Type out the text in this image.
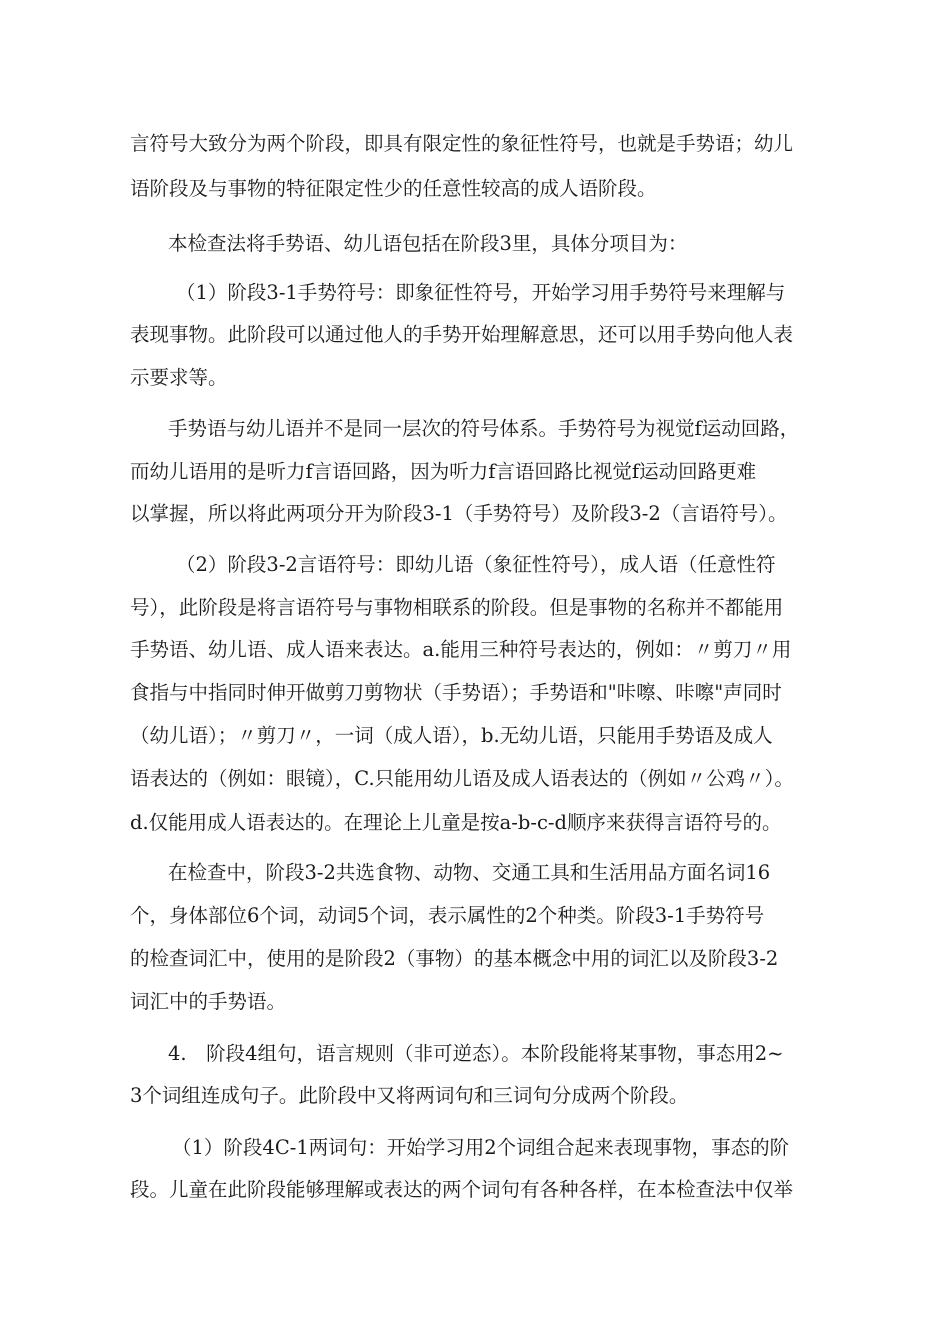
言符号大致分为两个阶段，即具有限定性的象征性符号，也就是手势语；幼儿
语阶段及与事物的特征限定性少的任意性较高的成人语阶段。
本检查法将手势语、幼儿语包括在阶段3里，具体分项目为：
（1）阶段3-1手势符号：即象征性符号，开始学习用手势符号来理解与
表现事物。此阶段可以通过他人的手势开始理解意思，还可以用手势向他人表
示要求等。
手势语与幼儿语并不是同一层次的符号体系。手势符号为视觉f运动回路，
而幼儿语用的是听力f言语回路，因为听力f言语回路比视觉f运动回路更难
以掌握，所以将此两项分开为阶段3-1（手势符号）及阶段3-2（言语符号）。
（2）阶段3-2言语符号：即幼儿语（象征性符号），成人语（任意性符
号），此阶段是将言语符号与事物相联系的阶段。但是事物的名称并不都能用
手势语、幼儿语、成人语来表达。a.能用三种符号表达的，例如：〃剪刀〃用
食指与中指同时伸开做剪刀剪物状（手势语）；手势语和"咔嚓、咔嚓"声同时
（幼儿语）；〃剪刀〃，一词（成人语），b.无幼儿语，只能用手势语及成人
语表达的（例如：眼镜），C.只能用幼儿语及成人语表达的（例如〃公鸡〃）。
d.仅能用成人语表达的。在理论上儿童是按a-b-c-d顺序来获得言语符号的。
在检查中，阶段3-2共选食物、动物、交通工具和生活用品方面名词16
个，身体部位6个词，动词5个词，表示属性的2个种类。阶段3-1手势符号
的检查词汇中，使用的是阶段2（事物）的基本概念中用的词汇以及阶段3-2
词汇中的手势语。
4.　阶段4组句，语言规则（非可逆态）。本阶段能将某事物，事态用2~
3个词组连成句子。此阶段中又将两词句和三词句分成两个阶段。
（1）阶段4C-1两词句：开始学习用2个词组合起来表现事物，事态的阶
段。儿童在此阶段能够理解或表达的两个词句有各种各样，在本检查法中仅举
